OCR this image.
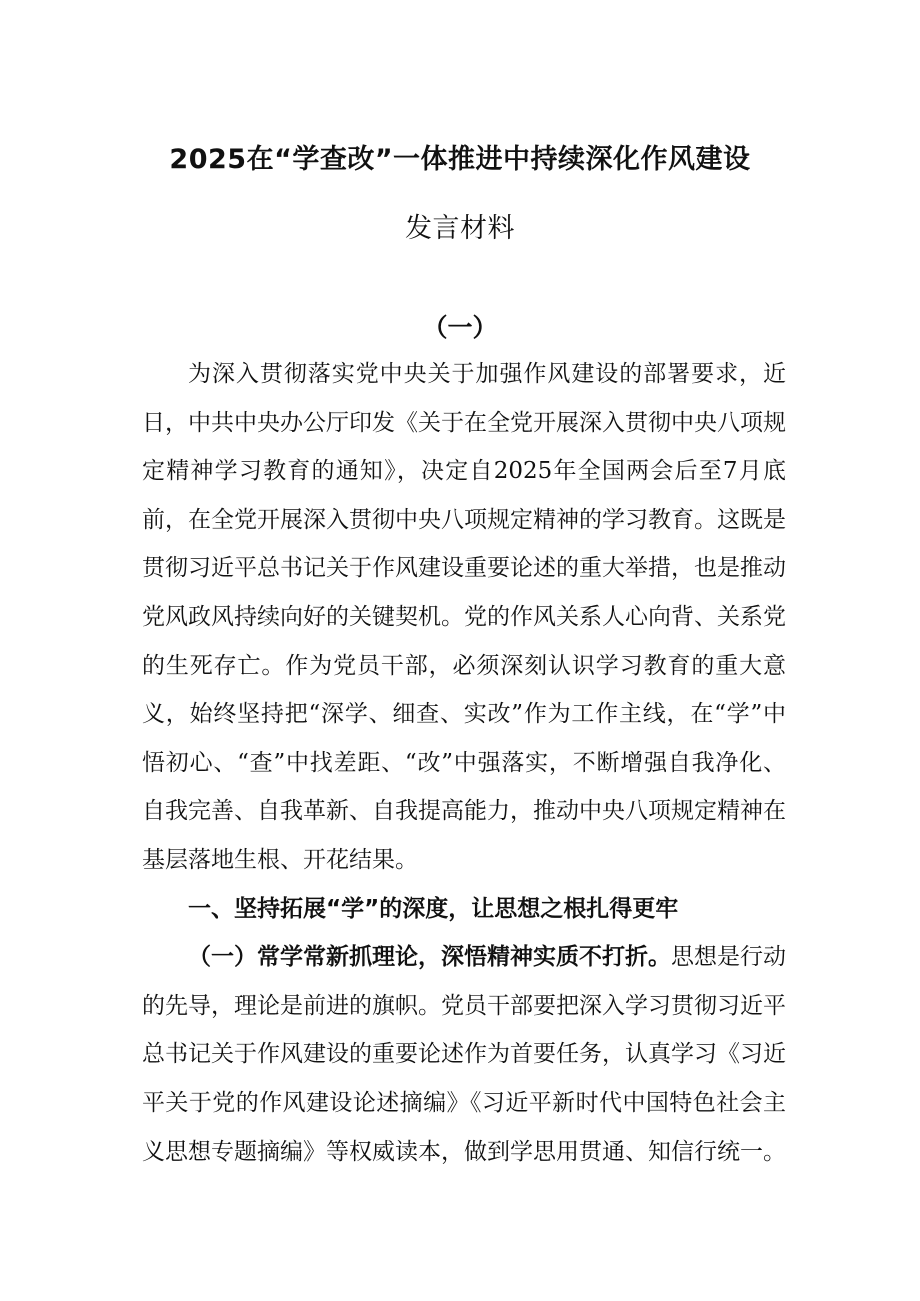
2025在“学查改”一体推进中持续深化作风建设
发言材料
（一）

为深入贯彻落实党中央关于加强作风建设的部署要求，近日，中共中央办公厅印发《关于在全党开展深入贯彻中央八项规定精神学习教育的通知》，决定自2025年全国两会后至7月底前，在全党开展深入贯彻中央八项规定精神的学习教育。这既是贯彻习近平总书记关于作风建设重要论述的重大举措，也是推动党风政风持续向好的关键契机。党的作风关系人心向背、关系党的生死存亡。作为党员干部，必须深刻认识学习教育的重大意义，始终坚持把“深学、细查、实改”作为工作主线，在“学”中悟初心、“查”中找差距、“改”中强落实，不断增强自我净化、自我完善、自我革新、自我提高能力，推动中央八项规定精神在基层落地生根、开花结果。

一、坚持拓展“学”的深度，让思想之根扎得更牢

（一）常学常新抓理论，深悟精神实质不打折。思想是行动的先导，理论是前进的旗帜。党员干部要把深入学习贯彻习近平总书记关于作风建设的重要论述作为首要任务，认真学习《习近平关于党的作风建设论述摘编》《习近平新时代中国特色社会主义思想专题摘编》等权威读本，做到学思用贯通、知信行统一。
